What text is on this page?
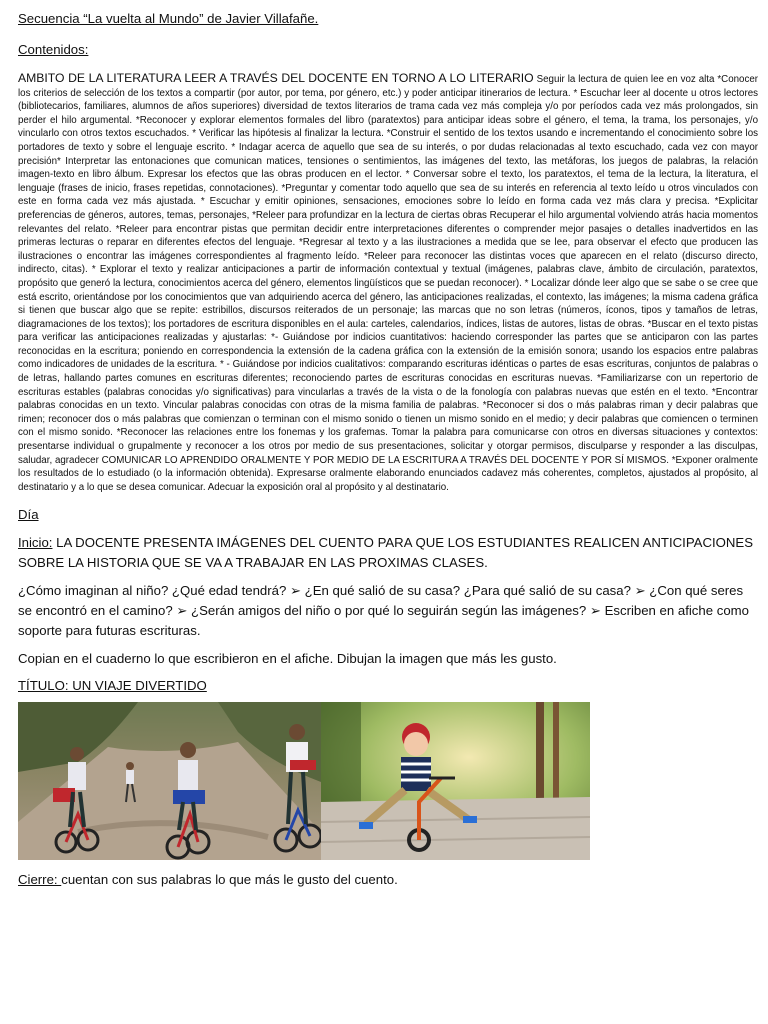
Secuencia “La vuelta al Mundo” de Javier Villafañe.

Contenidos:

AMBITO DE LA LITERATURA LEER A TRAVÉS DEL DOCENTE EN TORNO A LO LITERARIO Seguir la lectura de quien lee en voz alta *Conocer los criterios de selección de los textos a compartir (por autor, por tema, por género, etc.) y poder anticipar itinerarios de lectura. * Escuchar leer al docente u otros lectores (bibliotecarios, familiares, alumnos de años superiores) diversidad de textos literarios de trama cada vez más compleja y/o por períodos cada vez más prolongados, sin perder el hilo argumental. *Reconocer y explorar elementos formales del libro (paratextos) para anticipar ideas sobre el género, el tema, la trama, los personajes, y/o vincularlo con otros textos escuchados. * Verificar las hipótesis al finalizar la lectura. *Construir el sentido de los textos usando e incrementando el conocimiento sobre los portadores de texto y sobre el lenguaje escrito. * Indagar acerca de aquello que sea de su interés, o por dudas relacionadas al texto escuchado, cada vez con mayor precisión* Interpretar las entonaciones que comunican matices, tensiones o sentimientos, las imágenes del texto, las metáforas, los juegos de palabras, la relación imagen-texto en libro álbum. Expresar los efectos que las obras producen en el lector. * Conversar sobre el texto, los paratextos, el tema de la lectura, la literatura, el lenguaje (frases de inicio, frases repetidas, connotaciones). *Preguntar y comentar todo aquello que sea de su interés en referencia al texto leído u otros vinculados con este en forma cada vez más ajustada. * Escuchar y emitir opiniones, sensaciones, emociones sobre lo leído en forma cada vez más clara y precisa. *Explicitar preferencias de géneros, autores, temas, personajes, *Releer para profundizar en la lectura de ciertas obras Recuperar el hilo argumental volviendo atrás hacia momentos relevantes del relato. *Releer para encontrar pistas que permitan decidir entre interpretaciones diferentes o comprender mejor pasajes o detalles inadvertidos en las primeras lecturas o reparar en diferentes efectos del lenguaje. *Regresar al texto y a las ilustraciones a medida que se lee, para observar el efecto que producen las ilustraciones o encontrar las imágenes correspondientes al fragmento leído. *Releer para reconocer las distintas voces que aparecen en el relato (discurso directo, indirecto, citas). * Explorar el texto y realizar anticipaciones a partir de información contextual y textual (imágenes, palabras clave, ámbito de circulación, paratextos, propósito que generó la lectura, conocimientos acerca del género, elementos lingüísticos que se puedan reconocer). * Localizar dónde leer algo que se sabe o se cree que está escrito, orientándose por los conocimientos que van adquiriendo acerca del género, las anticipaciones realizadas, el contexto, las imágenes; la misma cadena gráfica si tienen que buscar algo que se repite: estribillos, discursos reiterados de un personaje; las marcas que no son letras (números, íconos, tipos y tamaños de letras, diagramaciones de los textos); los portadores de escritura disponibles en el aula: carteles, calendarios, índices, listas de autores, listas de obras. *Buscar en el texto pistas para verificar las anticipaciones realizadas y ajustarlas: *- Guiándose por indicios cuantitativos: haciendo corresponder las partes que se anticiparon con las partes reconocidas en la escritura; poniendo en correspondencia la extensión de la cadena gráfica con la extensión de la emisión sonora; usando los espacios entre palabras como indicadores de unidades de la escritura. * - Guiándose por indicios cualitativos: comparando escrituras idénticas o partes de esas escrituras, conjuntos de palabras o de letras, hallando partes comunes en escrituras diferentes; reconociendo partes de escrituras conocidas en escrituras nuevas. *Familiarizarse con un repertorio de escrituras estables (palabras conocidas y/o significativas) para vincularlas a través de la vista o de la fonología con palabras nuevas que estén en el texto. *Encontrar palabras conocidas en un texto. Vincular palabras conocidas con otras de la misma familia de palabras. *Reconocer si dos o más palabras riman y decir palabras que rimen; reconocer dos o más palabras que comienzan o terminan con el mismo sonido o tienen un mismo sonido en el medio; y decir palabras que comiencen o terminen con el mismo sonido. *Reconocer las relaciones entre los fonemas y los grafemas. Tomar la palabra para comunicarse con otros en diversas situaciones y contextos: presentarse individual o grupalmente y reconocer a los otros por medio de sus presentaciones, solicitar y otorgar permisos, disculparse y responder a las disculpas, saludar, agradecer COMUNICAR LO APRENDIDO ORALMENTE Y POR MEDIO DE LA ESCRITURA A TRAVÉS DEL DOCENTE Y POR SÍ MISMOS. *Exponer oralmente los resultados de lo estudiado (o la información obtenida). Expresarse oralmente elaborando enunciados cadavez más coherentes, completos, ajustados al propósito, al destinatario y a lo que se desea comunicar. Adecuar la exposición oral al propósito y al destinatario.

Día

Inicio: LA DOCENTE PRESENTA IMÁGENES DEL CUENTO PARA QUE LOS ESTUDIANTES REALICEN ANTICIPACIONES SOBRE LA HISTORIA QUE SE VA A TRABAJAR EN LAS PROXIMAS CLASES.

¿Cómo imaginan al niño? ¿Qué edad tendrá? ➢ ¿En qué salió de su casa? ¿Para qué salió de su casa? ➢ ¿Con qué seres se encontró en el camino? ➢ ¿Serán amigos del niño o por qué lo seguirán según las imágenes? ➢ Escriben en afiche como soporte para futuras escrituras.

Copian en el cuaderno lo que escribieron en el afiche. Dibujan la imagen que más les gusto.

TÍTULO: UN VIAJE DIVERTIDO

Cierre: cuentan con sus palabras lo que más le gusto del cuento.
